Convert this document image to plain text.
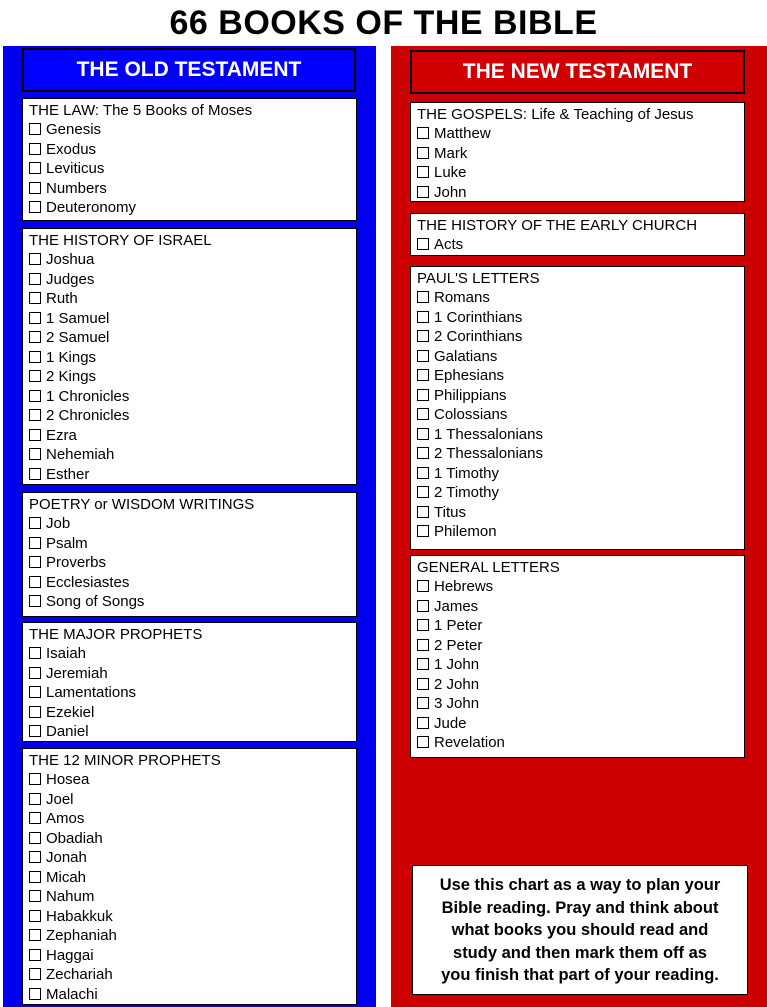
66 BOOKS OF THE BIBLE
THE OLD TESTAMENT	THE NEW TESTAMENT
THE LAW: The 5 Books of Moses
Genesis
Exodus
Leviticus
Numbers
Deuteronomy
THE HISTORY OF ISRAEL
Joshua
Judges
Ruth
1 Samuel
2 Samuel
1 Kings
2 Kings
1 Chronicles
2 Chronicles
Ezra
Nehemiah
Esther
POETRY or WISDOM WRITINGS
Job
Psalm
Proverbs
Ecclesiastes
Song of Songs
THE MAJOR PROPHETS
Isaiah
Jeremiah
Lamentations
Ezekiel
Daniel
THE 12 MINOR PROPHETS
Hosea
Joel
Amos
Obadiah
Jonah
Micah
Nahum
Habakkuk
Zephaniah
Haggai
Zechariah
Malachi
THE GOSPELS: Life & Teaching of Jesus
Matthew
Mark
Luke
John
THE HISTORY OF THE EARLY CHURCH
Acts
PAUL'S LETTERS
Romans
1 Corinthians
2 Corinthians
Galatians
Ephesians
Philippians
Colossians
1 Thessalonians
2 Thessalonians
1 Timothy
2 Timothy
Titus
Philemon
GENERAL LETTERS
Hebrews
James
1 Peter
2 Peter
1 John
2 John
3 John
Jude
Revelation
Use this chart as a way to plan your
Bible reading. Pray and think about
what books you should read and
study and then mark them off as
you finish that part of your reading.
